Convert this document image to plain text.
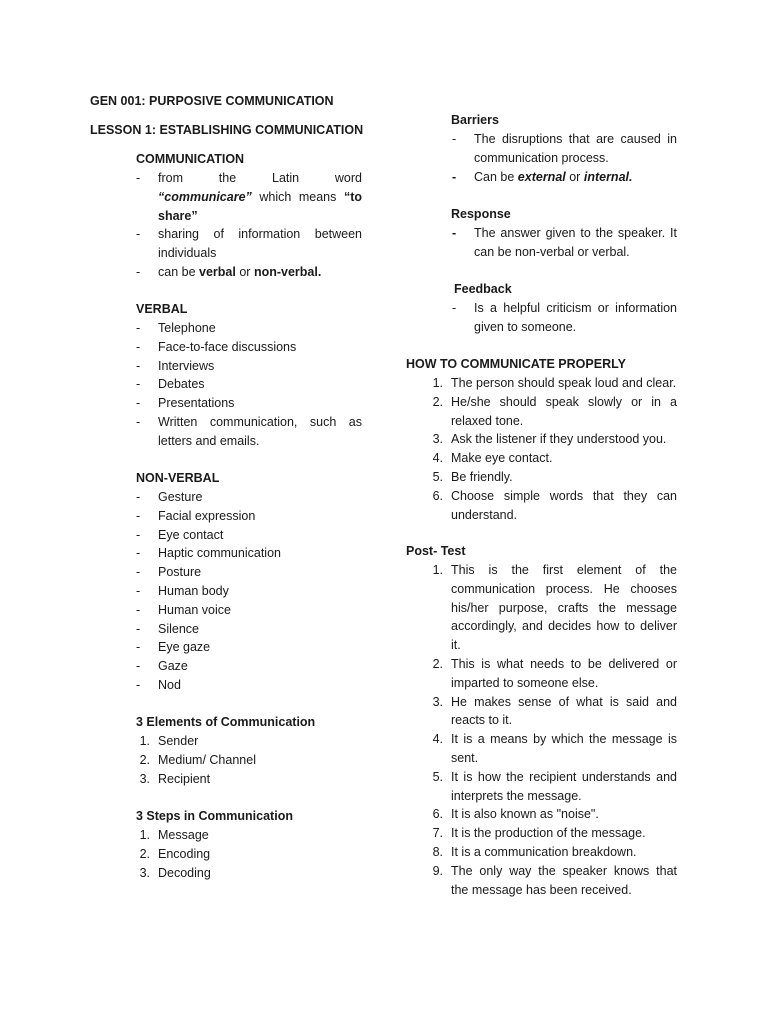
GEN 001: PURPOSIVE COMMUNICATION
LESSON 1: ESTABLISHING COMMUNICATION
COMMUNICATION
- from the Latin word “communicare” which means “to share”
- sharing of information between individuals
- can be verbal or non-verbal.
VERBAL
- Telephone
- Face-to-face discussions
- Interviews
- Debates
- Presentations
- Written communication, such as letters and emails.
NON-VERBAL
- Gesture
- Facial expression
- Eye contact
- Haptic communication
- Posture
- Human body
- Human voice
- Silence
- Eye gaze
- Gaze
- Nod
3 Elements of Communication
1. Sender
2. Medium/ Channel
3. Recipient
3 Steps in Communication
1. Message
2. Encoding
3. Decoding
Barriers
- The disruptions that are caused in communication process.
- Can be external or internal.
Response
- The answer given to the speaker. It can be non-verbal or verbal.
Feedback
- Is a helpful criticism or information given to someone.
HOW TO COMMUNICATE PROPERLY
1. The person should speak loud and clear.
2. He/she should speak slowly or in a relaxed tone.
3. Ask the listener if they understood you.
4. Make eye contact.
5. Be friendly.
6. Choose simple words that they can understand.
Post- Test
1. This is the first element of the communication process. He chooses his/her purpose, crafts the message accordingly, and decides how to deliver it.
2. This is what needs to be delivered or imparted to someone else.
3. He makes sense of what is said and reacts to it.
4. It is a means by which the message is sent.
5. It is how the recipient understands and interprets the message.
6. It is also known as "noise".
7. It is the production of the message.
8. It is a communication breakdown.
9. The only way the speaker knows that the message has been received.
